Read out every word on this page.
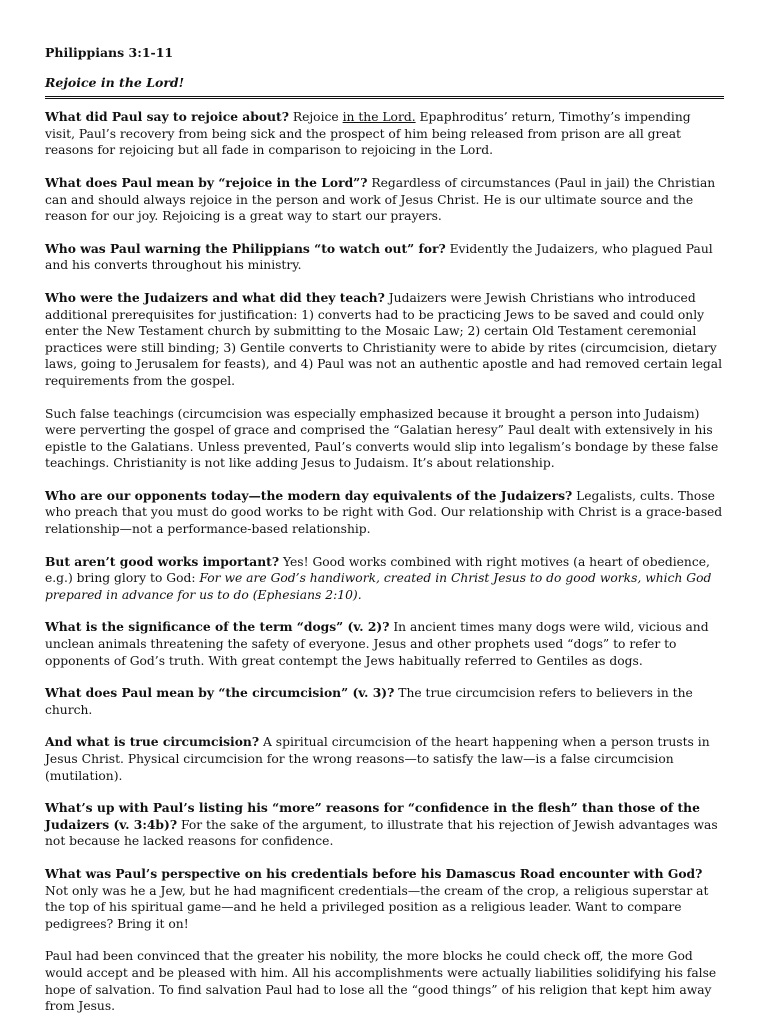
Philippians 3:1-11
Rejoice in the Lord!

What did Paul say to rejoice about? Rejoice in the Lord. Epaphroditus’ return, Timothy’s impending visit, Paul’s recovery from being sick and the prospect of him being released from prison are all great reasons for rejoicing but all fade in comparison to rejoicing in the Lord.

What does Paul mean by “rejoice in the Lord”? Regardless of circumstances (Paul in jail) the Christian can and should always rejoice in the person and work of Jesus Christ. He is our ultimate source and the reason for our joy. Rejoicing is a great way to start our prayers.

Who was Paul warning the Philippians “to watch out” for? Evidently the Judaizers, who plagued Paul and his converts throughout his ministry.

Who were the Judaizers and what did they teach? Judaizers were Jewish Christians who introduced additional prerequisites for justification: 1) converts had to be practicing Jews to be saved and could only enter the New Testament church by submitting to the Mosaic Law; 2) certain Old Testament ceremonial practices were still binding; 3) Gentile converts to Christianity were to abide by rites (circumcision, dietary laws, going to Jerusalem for feasts), and 4) Paul was not an authentic apostle and had removed certain legal requirements from the gospel.

Such false teachings (circumcision was especially emphasized because it brought a person into Judaism) were perverting the gospel of grace and comprised the “Galatian heresy” Paul dealt with extensively in his epistle to the Galatians. Unless prevented, Paul’s converts would slip into legalism’s bondage by these false teachings. Christianity is not like adding Jesus to Judaism. It’s about relationship.

Who are our opponents today—the modern day equivalents of the Judaizers? Legalists, cults. Those who preach that you must do good works to be right with God. Our relationship with Christ is a grace-based relationship—not a performance-based relationship.

But aren’t good works important? Yes! Good works combined with right motives (a heart of obedience, e.g.) bring glory to God: For we are God’s handiwork, created in Christ Jesus to do good works, which God prepared in advance for us to do (Ephesians 2:10).

What is the significance of the term “dogs” (v. 2)? In ancient times many dogs were wild, vicious and unclean animals threatening the safety of everyone. Jesus and other prophets used “dogs” to refer to opponents of God’s truth. With great contempt the Jews habitually referred to Gentiles as dogs.

What does Paul mean by “the circumcision” (v. 3)? The true circumcision refers to believers in the church.

And what is true circumcision? A spiritual circumcision of the heart happening when a person trusts in Jesus Christ. Physical circumcision for the wrong reasons—to satisfy the law—is a false circumcision (mutilation).

What’s up with Paul’s listing his “more” reasons for “confidence in the flesh” than those of the Judaizers (v. 3:4b)? For the sake of the argument, to illustrate that his rejection of Jewish advantages was not because he lacked reasons for confidence.

What was Paul’s perspective on his credentials before his Damascus Road encounter with God? Not only was he a Jew, but he had magnificent credentials—the cream of the crop, a religious superstar at the top of his spiritual game—and he held a privileged position as a religious leader. Want to compare pedigrees? Bring it on!

Paul had been convinced that the greater his nobility, the more blocks he could check off, the more God would accept and be pleased with him. All his accomplishments were actually liabilities solidifying his false hope of salvation. To find salvation Paul had to lose all the “good things” of his religion that kept him away from Jesus.
